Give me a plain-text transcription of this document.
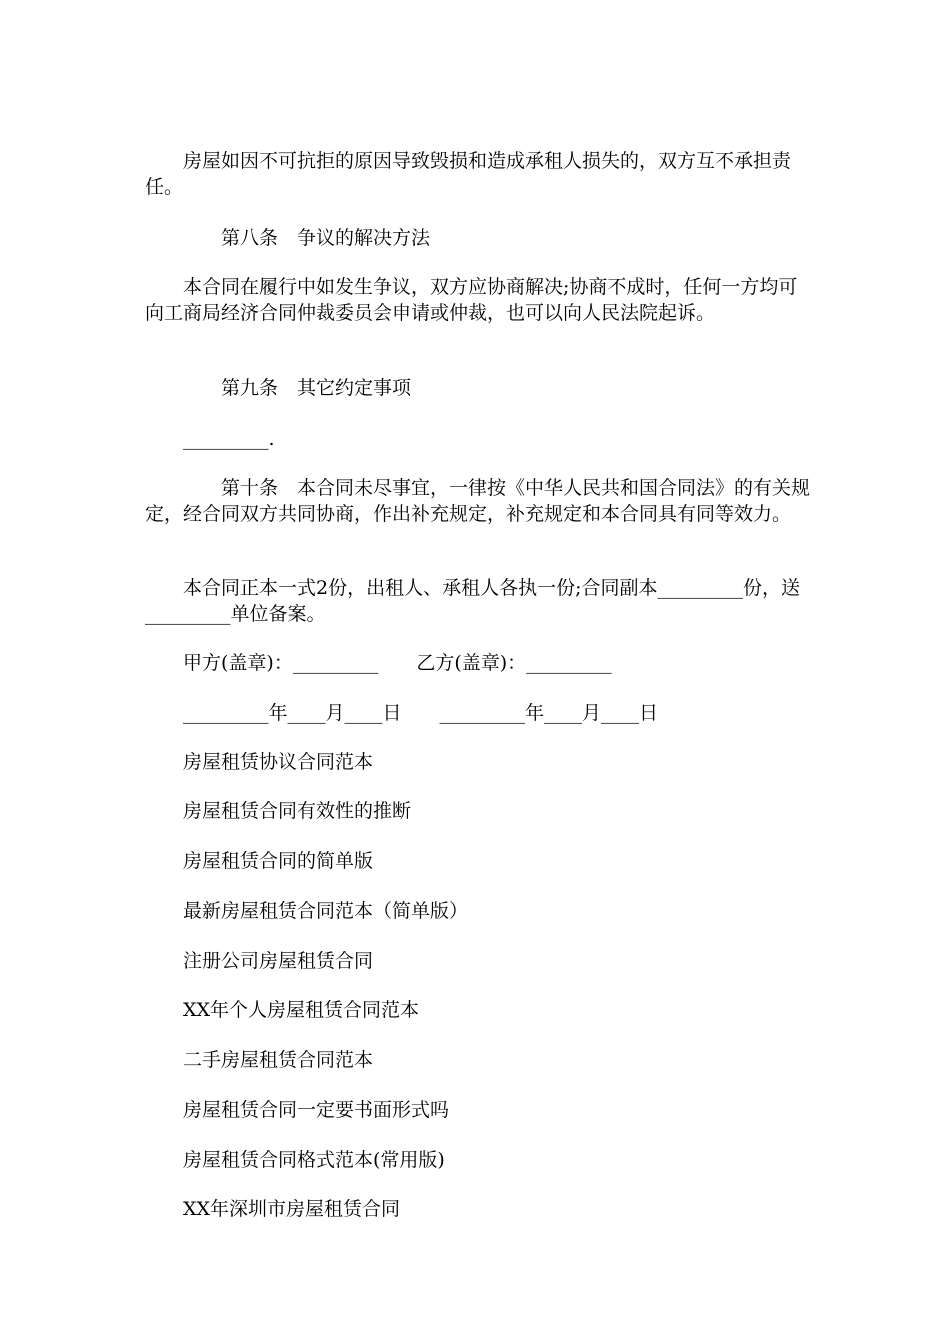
　　房屋如因不可抗拒的原因导致毁损和造成承租人损失的，双方互不承担责任。

　　　　第八条　争议的解决方法

　　本合同在履行中如发生争议，双方应协商解决;协商不成时，任何一方均可向工商局经济合同仲裁委员会申请或仲裁，也可以向人民法院起诉。

　　　　第九条　其它约定事项

　　_________.

　　　　第十条　本合同未尽事宜，一律按《中华人民共和国合同法》的有关规定，经合同双方共同协商，作出补充规定，补充规定和本合同具有同等效力。

　　本合同正本一式2份，出租人、承租人各执一份;合同副本_________份，送_________单位备案。

　　甲方(盖章)：_________　　乙方(盖章)：_________

　　_________年____月____日　　_________年____月____日

　　房屋租赁协议合同范本

　　房屋租赁合同有效性的推断

　　房屋租赁合同的简单版

　　最新房屋租赁合同范本（简单版）

　　注册公司房屋租赁合同

　　XX年个人房屋租赁合同范本

　　二手房屋租赁合同范本

　　房屋租赁合同一定要书面形式吗

　　房屋租赁合同格式范本(常用版)

　　XX年深圳市房屋租赁合同
